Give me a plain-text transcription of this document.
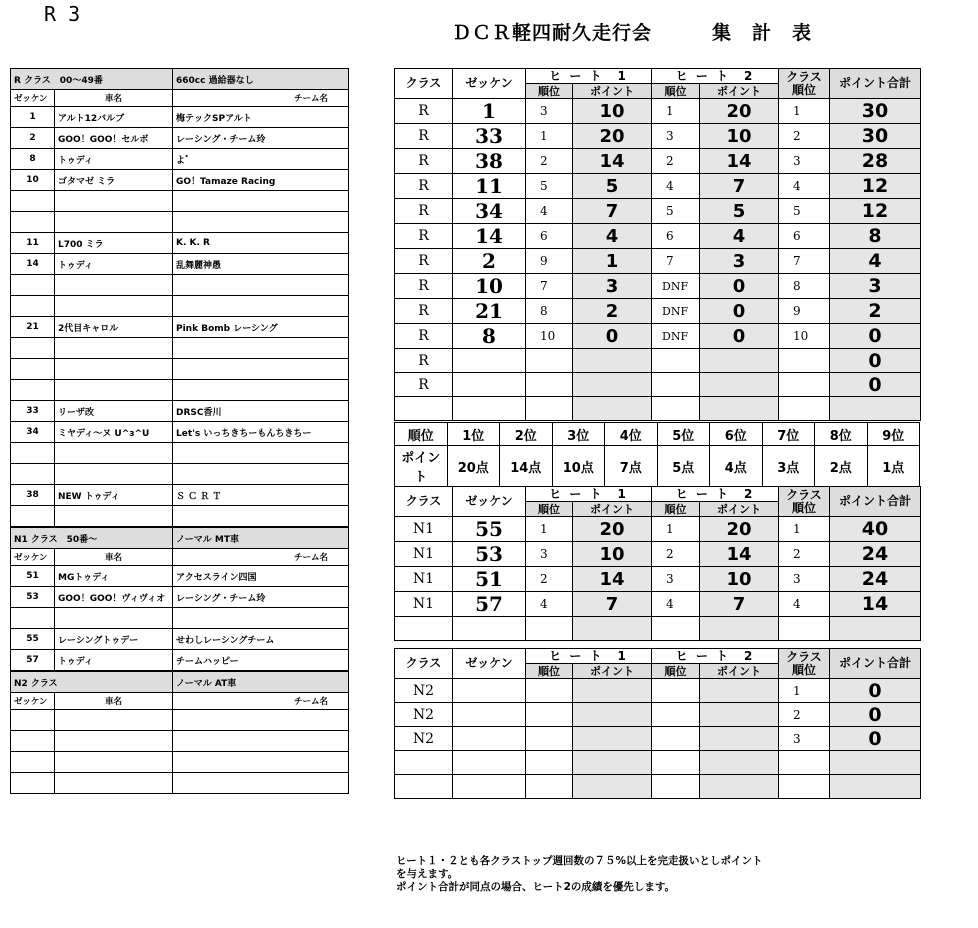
R 3
ＤＣＲ軽四耐久走行会　　　集　計　表
R クラス　00～49番		660cc 過給器なし
ゼッケン	車名	チーム名
1	アルト12バルブ	梅テックSPアルト
2	GOO！GOO！セルボ	レーシング・チーム玲
8	トゥディ	よ゛
10	ゴタマゼ ミラ	GO！Tamaze Racing

11	L700 ミラ	K. K. R
14	トゥディ	乱舞麗神愚

21	2代目キャロル	Pink Bomb レーシング

33	リーザ改	DRSC香川
34	ミヤディ～ヌ U^з^U	Let's いっちきちーもんちきちー

38	NEW トゥディ	Ｓ Ｃ Ｒ Ｔ

N1 クラス　50番～		ノーマル MT車
ゼッケン	車名	チーム名
51	MGトゥディ	アクセスライン四国
53	GOO！GOO！ヴィヴィオ	レーシング・チーム玲

55	レーシングトゥデー	せわしレーシングチーム
57	トゥディ	チームハッピー
N2 クラス		ノーマル AT車
ゼッケン	車名	チーム名

クラス	ゼッケン	ヒ ー ト　1		ヒ ー ト　2		クラス 順位	ポイント合計
		順位	ポイント	順位	ポイント		
R	1	3	10	1	20	1	30
R	33	1	20	3	10	2	30
R	38	2	14	2	14	3	28
R	11	5	5	4	7	4	12
R	34	4	7	5	5	5	12
R	14	6	4	6	4	6	8
R	2	9	1	7	3	7	4
R	10	7	3	DNF	0	8	3
R	21	8	2	DNF	0	9	2
R	8	10	0	DNF	0	10	0
R							0
R							0

順位	1位	2位	3位	4位	5位	6位	7位	8位	9位
ポイント	20点	14点	10点	7点	5点	4点	3点	2点	1点
クラス	ゼッケン	ヒ ー ト　1		ヒ ー ト　2		クラス 順位	ポイント合計
		順位	ポイント	順位	ポイント		
N1	55	1	20	1	20	1	40
N1	53	3	10	2	14	2	24
N1	51	2	14	3	10	3	24
N1	57	4	7	4	7	4	14

クラス	ゼッケン	ヒ ー ト　1		ヒ ー ト　2		クラス 順位	ポイント合計
		順位	ポイント	順位	ポイント		
N2						1	0
N2						2	0
N2						3	0

ヒート１・２とも各クラストップ週回数の７５%以上を完走扱いとしポイント
を与えます。
ポイント合計が同点の場合、ヒート2の成績を優先します。
